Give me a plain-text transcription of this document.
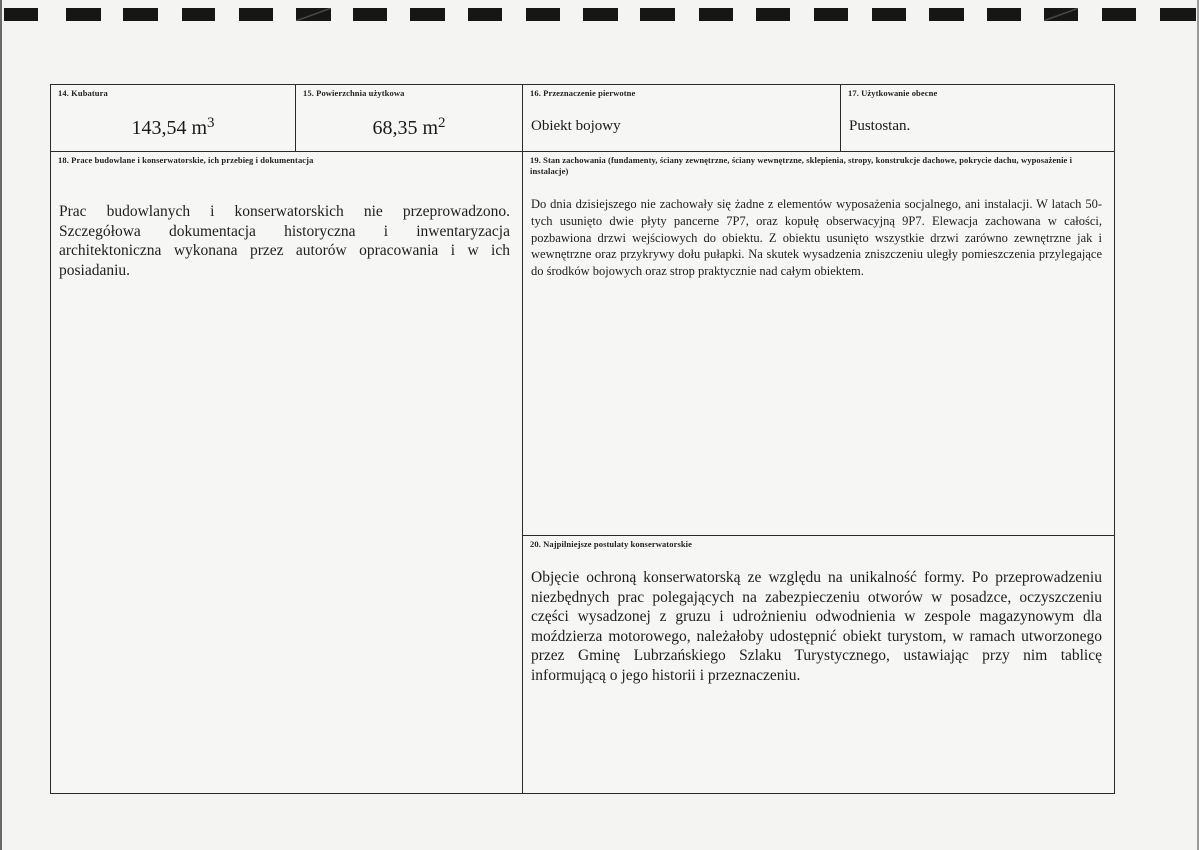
14. Kubatura
143,54 $m^3$
15. Powierzchnia użytkowa
68,35 $m^2$
16. Przeznaczenie pierwotne
Obiekt bojowy
17. Użytkowanie obecne
Pustostan.
18. Prace budowlane i konserwatorskie, ich przebieg i dokumentacja
Prac budowlanych i konserwatorskich nie przeprowadzono. Szczegółowa dokumentacja historyczna i inwentaryzacja architektoniczna wykonana przez autorów opracowania i w ich posiadaniu.
19. Stan zachowania (fundamenty, ściany zewnętrzne, ściany wewnętrzne, sklepienia, stropy, konstrukcje dachowe, pokrycie dachu, wyposażenie i instalacje)
Do dnia dzisiejszego nie zachowały się żadne z elementów wyposażenia socjalnego, ani instalacji. W latach 50-tych usunięto dwie płyty pancerne 7P7, oraz kopułę obserwacyjną 9P7. Elewacja zachowana w całości, pozbawiona drzwi wejściowych do obiektu. Z obiektu usunięto wszystkie drzwi zarówno zewnętrzne jak i wewnętrzne oraz przykrywy dołu pułapki. Na skutek wysadzenia zniszczeniu uległy pomieszczenia przylegające do środków bojowych oraz strop praktycznie nad całym obiektem.
20. Najpilniejsze postulaty konserwatorskie
Objęcie ochroną konserwatorską ze względu na unikalność formy. Po przeprowadzeniu niezbędnych prac polegających na zabezpieczeniu otworów w posadzce, oczyszczeniu części wysadzonej z gruzu i udrożnieniu odwodnienia w zespole magazynowym dla moździerza motorowego, należałoby udostępnić obiekt turystom, w ramach utworzonego przez Gminę Lubrzańskiego Szlaku Turystycznego, ustawiając przy nim tablicę informującą o jego historii i przeznaczeniu.
